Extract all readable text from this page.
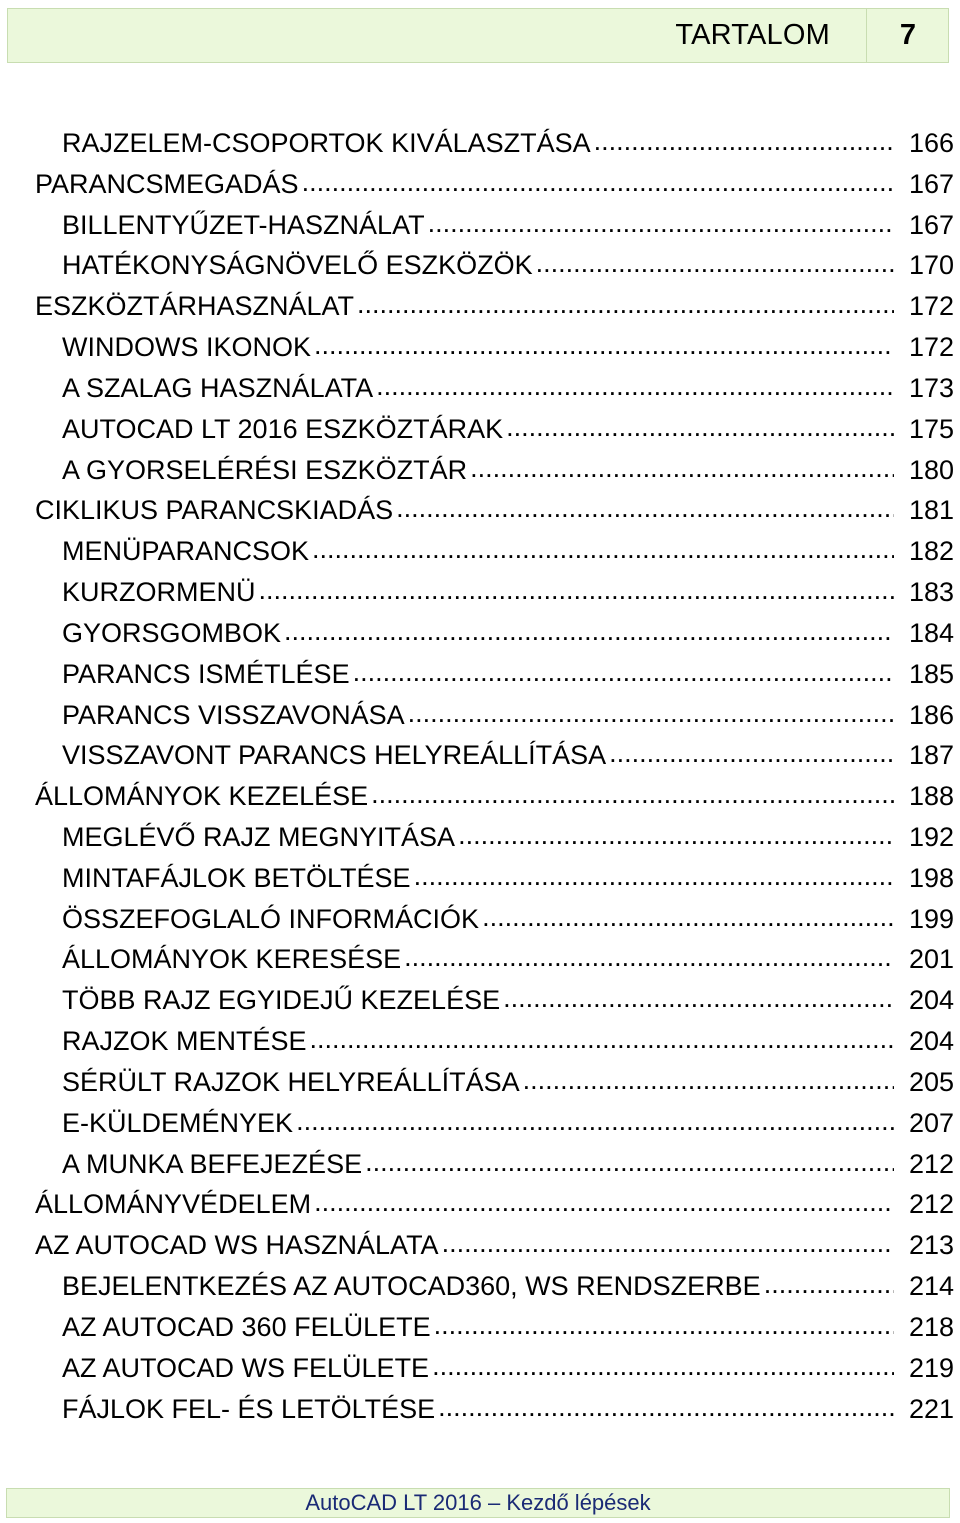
TARTALOM	7
RAJZELEM-CSOPORTOK KIVÁLASZTÁSA .....	166
PARANCSMEGADÁS .....	167
BILLENTYŰZET-HASZNÁLAT .....	167
HATÉKONYSÁGNÖVELŐ ESZKÖZÖK .....	170
ESZKÖZTÁRHASZNÁLAT .....	172
WINDOWS IKONOK .....	172
A SZALAG HASZNÁLATA .....	173
AUTOCAD LT 2016 ESZKÖZTÁRAK .....	175
A GYORSELÉRÉSI ESZKÖZTÁR .....	180
CIKLIKUS PARANCSKIADÁS .....	181
MENÜPARANCSOK .....	182
KURZORMENÜ .....	183
GYORSGOMBOK .....	184
PARANCS ISMÉTLÉSE .....	185
PARANCS VISSZAVONÁSA .....	186
VISSZAVONT PARANCS HELYREÁLLÍTÁSA .....	187
ÁLLOMÁNYOK KEZELÉSE .....	188
MEGLÉVŐ RAJZ MEGNYITÁSA .....	192
MINTAFÁJLOK BETÖLTÉSE .....	198
ÖSSZEFOGLALÓ INFORMÁCIÓK .....	199
ÁLLOMÁNYOK KERESÉSE .....	201
TÖBB RAJZ EGYIDEJŰ KEZELÉSE .....	204
RAJZOK MENTÉSE .....	204
SÉRÜLT RAJZOK HELYREÁLLÍTÁSA .....	205
E-KÜLDEMÉNYEK .....	207
A MUNKA BEFEJEZÉSE .....	212
ÁLLOMÁNYVÉDELEM .....	212
AZ AUTOCAD WS HASZNÁLATA .....	213
BEJELENTKEZÉS AZ AUTOCAD360, WS RENDSZERBE .....	214
AZ AUTOCAD 360 FELÜLETE .....	218
AZ AUTOCAD WS FELÜLETE .....	219
FÁJLOK FEL- ÉS LETÖLTÉSE .....	221
AutoCAD LT 2016 – Kezdő lépések
